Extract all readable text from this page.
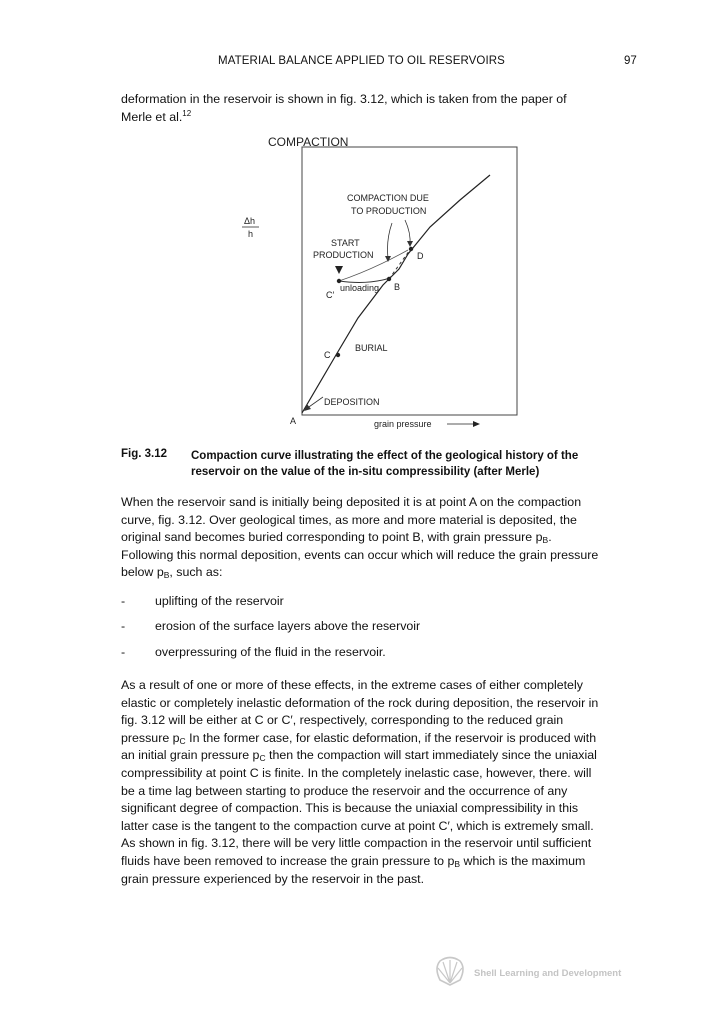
MATERIAL BALANCE APPLIED TO OIL RESERVOIRS	97
deformation in the reservoir is shown in fig. 3.12, which is taken from the paper of
Merle et al.$^{12}$
COMPACTION
Δh
h
A
B
C
C′
D
COMPACTION DUE
TO PRODUCTION
START
PRODUCTION
unloading
BURIAL
DEPOSITION
grain pressure
Fig. 3.12 Compaction curve illustrating the effect of the geological history of the
reservoir on the value of the in-situ compressibility (after Merle)
When the reservoir sand is initially being deposited it is at point A on the compaction
curve, fig. 3.12. Over geological times, as more and more material is deposited, the
original sand becomes buried corresponding to point B, with grain pressure $p_B$.
Following this normal deposition, events can occur which will reduce the grain pressure
below $p_B$, such as:
- uplifting of the reservoir
- erosion of the surface layers above the reservoir
- overpressuring of the fluid in the reservoir.
As a result of one or more of these effects, in the extreme cases of either completely
elastic or completely inelastic deformation of the rock during deposition, the reservoir in
fig. 3.12 will be either at C or C′, respectively, corresponding to the reduced grain
pressure $p_C$ In the former case, for elastic deformation, if the reservoir is produced with
an initial grain pressure $p_C$ then the compaction will start immediately since the uniaxial
compressibility at point C is finite. In the completely inelastic case, however, there. will
be a time lag between starting to produce the reservoir and the occurrence of any
significant degree of compaction. This is because the uniaxial compressibility in this
latter case is the tangent to the compaction curve at point C′, which is extremely small.
As shown in fig. 3.12, there will be very little compaction in the reservoir until sufficient
fluids have been removed to increase the grain pressure to $p_B$ which is the maximum
grain pressure experienced by the reservoir in the past.
Shell Learning and Development
